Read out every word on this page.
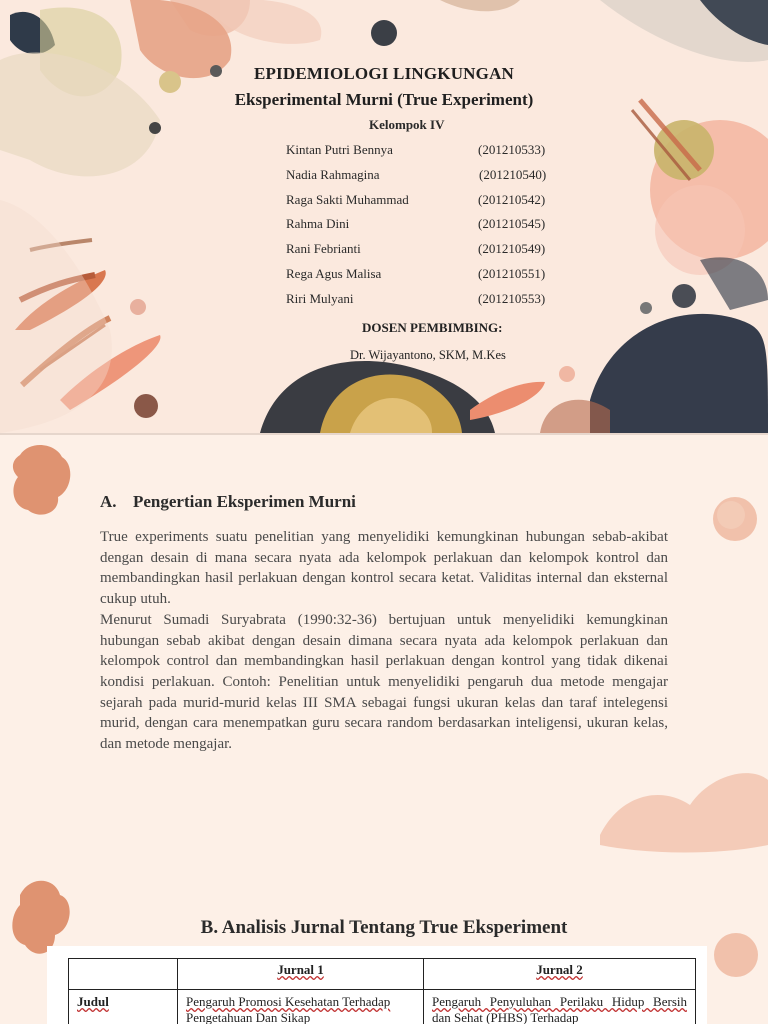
EPIDEMIOLOGI LINGKUNGAN
Eksperimental Murni (True Experiment)
Kelompok IV
Kintan Putri Bennya	(201210533)
Nadia Rahmagina	(201210540)
Raga Sakti Muhammad	(201210542)
Rahma Dini	(201210545)
Rani Febrianti	(201210549)
Rega Agus Malisa	(201210551)
Riri Mulyani	(201210553)
DOSEN PEMBIMBING:
Dr. Wijayantono, SKM, M.Kes
A. Pengertian Eksperimen Murni

True experiments suatu penelitian yang menyelidiki kemungkinan hubungan sebab-akibat dengan desain di mana secara nyata ada kelompok perlakuan dan kelompok kontrol dan membandingkan hasil perlakuan dengan kontrol secara ketat. Validitas internal dan eksternal cukup utuh.

Menurut Sumadi Suryabrata (1990:32-36) bertujuan untuk menyelidiki kemungkinan hubungan sebab akibat dengan desain dimana secara nyata ada kelompok perlakuan dan kelompok control dan membandingkan hasil perlakuan dengan kontrol yang tidak dikenai kondisi perlakuan. Contoh: Penelitian untuk menyelidiki pengaruh dua metode mengajar sejarah pada murid-murid kelas III SMA sebagai fungsi ukuran kelas dan taraf intelegensi murid, dengan cara menempatkan guru secara random berdasarkan inteligensi, ukuran kelas, dan metode mengajar.

B. Analisis Jurnal Tentang True Eksperiment
	Jurnal 1	Jurnal 2
Judul	Pengaruh Promosi Kesehatan Terhadap Pengetahuan Dan Sikap	Pengaruh Penyuluhan Perilaku Hidup Bersih dan Sehat (PHBS) Terhadap
